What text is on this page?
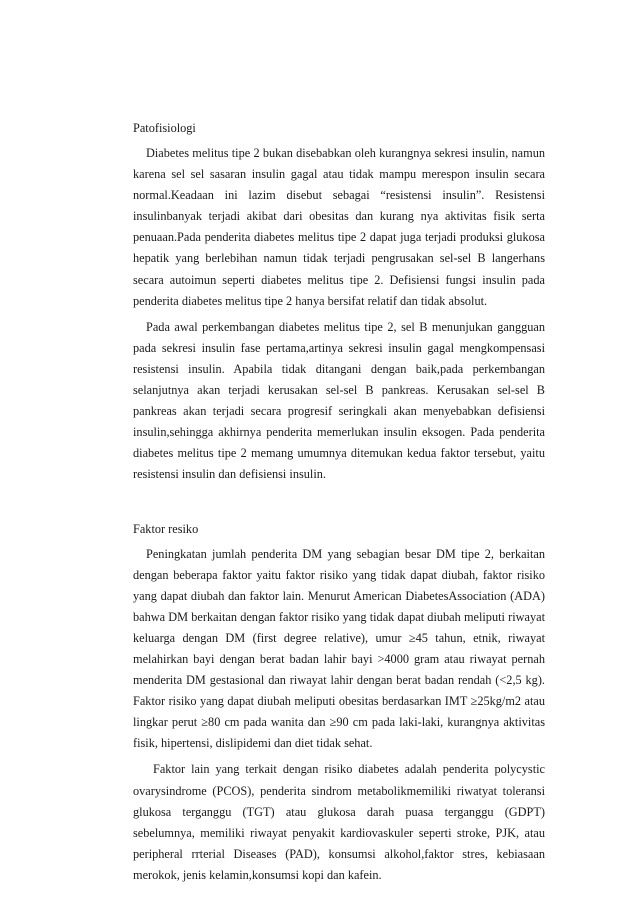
Patofisiologi

Diabetes melitus tipe 2 bukan disebabkan oleh kurangnya sekresi insulin, namun karena sel sel sasaran insulin gagal atau tidak mampu merespon insulin secara normal.Keadaan ini lazim disebut sebagai “resistensi insulin”. Resistensi insulinbanyak terjadi akibat dari obesitas dan kurang nya aktivitas fisik serta penuaan.Pada penderita diabetes melitus tipe 2 dapat juga terjadi produksi glukosa hepatik yang berlebihan namun tidak terjadi pengrusakan sel-sel B langerhans secara autoimun seperti diabetes melitus tipe 2. Defisiensi fungsi insulin pada penderita diabetes melitus tipe 2 hanya bersifat relatif dan tidak absolut.

Pada awal perkembangan diabetes melitus tipe 2, sel B menunjukan gangguan pada sekresi insulin fase pertama,artinya sekresi insulin gagal mengkompensasi resistensi insulin. Apabila tidak ditangani dengan baik,pada perkembangan selanjutnya akan terjadi kerusakan sel-sel B pankreas. Kerusakan sel-sel B pankreas akan terjadi secara progresif seringkali akan menyebabkan defisiensi insulin,sehingga akhirnya penderita memerlukan insulin eksogen. Pada penderita diabetes melitus tipe 2 memang umumnya ditemukan kedua faktor tersebut, yaitu resistensi insulin dan defisiensi insulin.

Faktor resiko

Peningkatan jumlah penderita DM yang sebagian besar DM tipe 2, berkaitan dengan beberapa faktor yaitu faktor risiko yang tidak dapat diubah, faktor risiko yang dapat diubah dan faktor lain. Menurut American DiabetesAssociation (ADA) bahwa DM berkaitan dengan faktor risiko yang tidak dapat diubah meliputi riwayat keluarga dengan DM (first degree relative), umur ≥45 tahun, etnik, riwayat melahirkan bayi dengan berat badan lahir bayi >4000 gram atau riwayat pernah menderita DM gestasional dan riwayat lahir dengan berat badan rendah (<2,5 kg). Faktor risiko yang dapat diubah meliputi obesitas berdasarkan IMT ≥25kg/m2 atau lingkar perut ≥80 cm pada wanita dan ≥90 cm pada laki-laki, kurangnya aktivitas fisik, hipertensi, dislipidemi dan diet tidak sehat.

Faktor lain yang terkait dengan risiko diabetes adalah penderita polycystic ovarysindrome (PCOS), penderita sindrom metabolikmemiliki riwatyat toleransi glukosa terganggu (TGT) atau glukosa darah puasa terganggu (GDPT) sebelumnya, memiliki riwayat penyakit kardiovaskuler seperti stroke, PJK, atau peripheral rrterial Diseases (PAD), konsumsi alkohol,faktor stres, kebiasaan merokok, jenis kelamin,konsumsi kopi dan kafein.
